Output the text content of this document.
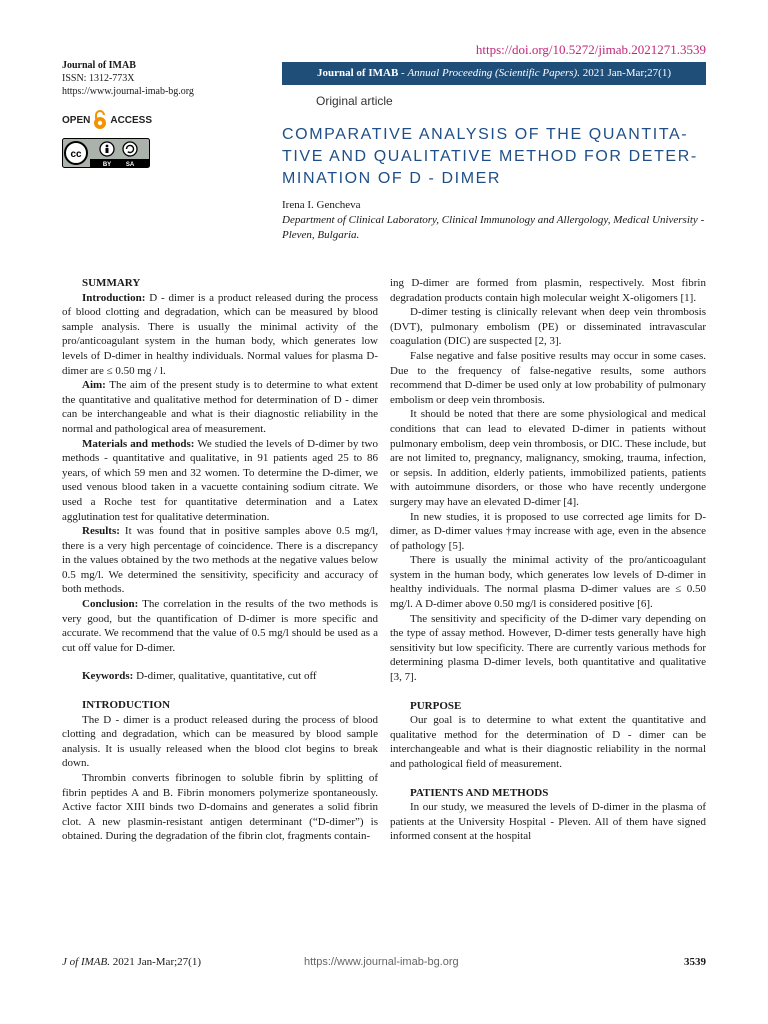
https://doi.org/10.5272/jimab.2021271.3539
Journal of IMAB - Annual Proceeding (Scientific Papers). 2021 Jan-Mar;27(1)
Journal of IMAB
ISSN: 1312-773X
https://www.journal-imab-bg.org
OPEN ACCESS
cc
BY SA
Original article
COMPARATIVE ANALYSIS OF THE QUANTITA- TIVE AND QUALITATIVE METHOD FOR DETER- MINATION OF D - DIMER
Irena I. Gencheva
Department of Clinical Laboratory, Clinical Immunology and Allergology, Medical University - Pleven, Bulgaria.
SUMMARY

Introduction: D - dimer is a product released during the process of blood clotting and degradation, which can be measured by blood sample analysis. There is usually the minimal activity of the pro/anticoagulant system in the human body, which generates low levels of D-dimer in healthy individuals. Normal values for plasma D-dimer are ≤ 0.50 mg / l.

Aim: The aim of the present study is to determine to what extent the quantitative and qualitative method for determination of D - dimer can be interchangeable and what is their diagnostic reliability in the normal and pathological area of measurement.

Materials and methods: We studied the levels of D-dimer by two methods - quantitative and qualitative, in 91 patients aged 25 to 86 years, of which 59 men and 32 women. To determine the D-dimer, we used venous blood taken in a vacuette containing sodium citrate. We used a Roche test for quantitative determination and a Latex agglutination test for qualitative determination.

Results: It was found that in positive samples above 0.5 mg/l, there is a very high percentage of coincidence. There is a discrepancy in the values obtained by the two methods at the negative values below 0.5 mg/l. We determined the sensitivity, specificity and accuracy of both methods.

Conclusion: The correlation in the results of the two methods is very good, but the quantification of D-dimer is more specific and accurate. We recommend that the value of 0.5 mg/l should be used as a cut off value for D-dimer.

Keywords: D-dimer, qualitative, quantitative, cut off

INTRODUCTION

The D - dimer is a product released during the process of blood clotting and degradation, which can be measured by blood sample analysis. It is usually released when the blood clot begins to break down.

Thrombin converts fibrinogen to soluble fibrin by splitting of fibrin peptides A and B. Fibrin monomers polymerize spontaneously. Active factor XIII binds two D-domains and generates a solid fibrin clot. A new plasmin-resistant antigen determinant (“D-dimer”) is obtained. During the degradation of the fibrin clot, fragments contain-

ing D-dimer are formed from plasmin, respectively. Most fibrin degradation products contain high molecular weight X-oligomers [1].

D-dimer testing is clinically relevant when deep vein thrombosis (DVT), pulmonary embolism (PE) or disseminated intravascular coagulation (DIC) are suspected [2, 3].

False negative and false positive results may occur in some cases. Due to the frequency of false-negative results, some authors recommend that D-dimer be used only at low probability of pulmonary embolism or deep vein thrombosis.

It should be noted that there are some physiological and medical conditions that can lead to elevated D-dimer in patients without pulmonary embolism, deep vein thrombosis, or DIC. These include, but are not limited to, pregnancy, malignancy, smoking, trauma, infection, or sepsis. In addition, elderly patients, immobilized patients, patients with autoimmune disorders, or those who have recently undergone surgery may have an elevated D-dimer [4].

In new studies, it is proposed to use corrected age limits for D-dimer, as D-dimer values †may increase with age, even in the absence of pathology [5].

There is usually the minimal activity of the pro/anticoagulant system in the human body, which generates low levels of D-dimer in healthy individuals. The normal plasma D-dimer values are ≤ 0.50 mg/l. A D-dimer above 0.50 mg/l is considered positive [6].

The sensitivity and specificity of the D-dimer vary depending on the type of assay method. However, D-dimer tests generally have high sensitivity but low specificity. There are currently various methods for determining plasma D-dimer levels, both quantitative and qualitative [3, 7].

PURPOSE

Our goal is to determine to what extent the quantitative and qualitative method for the determination of D - dimer can be interchangeable and what is their diagnostic reliability in the normal and pathological field of measurement.

PATIENTS AND METHODS

In our study, we measured the levels of D-dimer in the plasma of patients at the University Hospital - Pleven. All of them have signed informed consent at the hospital

J of IMAB. 2021 Jan-Mar;27(1)	https://www.journal-imab-bg.org	3539
